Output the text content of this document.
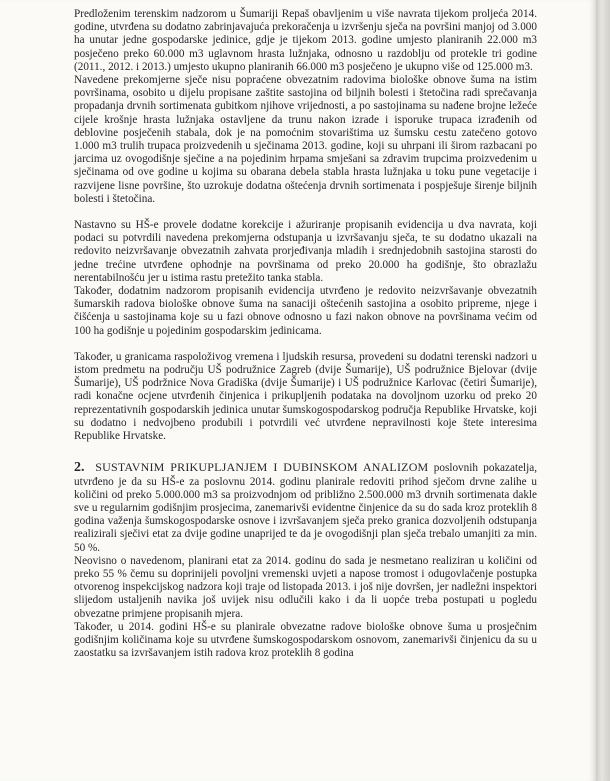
Predloženim terenskim nadzorom u Šumariji Repaš obavljenim u više navrata tijekom proljeća 2014. godine, utvrđena su dodatno zabrinjavajuća prekoračenja u izvršenju sječa na površini manjoj od 3.000 ha unutar jedne gospodarske jedinice, gdje je tijekom 2013. godine umjesto planiranih 22.000 m3 posječeno preko 60.000 m3 uglavnom hrasta lužnjaka, odnosno u razdoblju od protekle tri godine (2011., 2012. i 2013.) umjesto ukupno planiranih 66.000 m3 posječeno je ukupno više od 125.000 m3.

Navedene prekomjerne sječe nisu popraćene obvezatnim radovima biološke obnove šuma na istim površinama, osobito u dijelu propisane zaštite sastojina od biljnih bolesti i štetočina radi sprečavanja propadanja drvnih sortimenata gubitkom njihove vrijednosti, a po sastojinama su nađene brojne ležeće cijele krošnje hrasta lužnjaka ostavljene da trunu nakon izrade i isporuke trupaca izrađenih od deblovine posječenih stabala, dok je na pomoćnim stovarištima uz šumsku cestu zatečeno gotovo 1.000 m3 trulih trupaca proizvedenih u sječinama 2013. godine, koji su uhrpani ili širom razbacani po jarcima uz ovogodišnje sječine a na pojedinim hrpama smješani sa zdravim trupcima proizvedenim u sječinama od ove godine u kojima su obarana debela stabla hrasta lužnjaka u toku pune vegetacije i razvijene lisne površine, što uzrokuje dodatna oštećenja drvnih sortimenata i pospješuje širenje biljnih bolesti i štetočina.

Nastavno su HŠ-e provele dodatne korekcije i ažuriranje propisanih evidencija u dva navrata, koji podaci su potvrdili navedena prekomjerna odstupanja u izvršavanju sječa, te su dodatno ukazali na redovito neizvršavanje obvezatnih zahvata prorjeđivanja mladih i srednjedobnih sastojina starosti do jedne trećine utvrđene ophodnje na površinama od preko 20.000 ha godišnje, što obrazlažu nerentabilnošću jer u istima rastu pretežito tanka stabla.

Također, dodatnim nadzorom propisanih evidencija utvrđeno je redovito neizvršavanje obvezatnih šumarskih radova biološke obnove šuma na sanaciji oštećenih sastojina a osobito pripreme, njege i čišćenja u sastojinama koje su u fazi obnove odnosno u fazi nakon obnove na površinama većim od 100 ha godišnje u pojedinim gospodarskim jedinicama.

Također, u granicama raspoloživog vremena i ljudskih resursa, provedeni su dodatni terenski nadzori u istom predmetu na području UŠ podružnice Zagreb (dvije Šumarije), UŠ podružnice Bjelovar (dvije Šumarije), UŠ podržnice Nova Gradiška (dvije Šumarije) i UŠ podružnice Karlovac (četiri Šumarije), radi konačne ocjene utvrđenih činjenica i prikupljenih podataka na dovoljnom uzorku od preko 20 reprezentativnih gospodarskih jedinica unutar šumskogospodarskog područja Republike Hrvatske, koji su dodatno i nedvojbeno produbili i potvrdili već utvrđene nepravilnosti koje štete interesima Republike Hrvatske.

2. SUSTAVNIM PRIKUPLJANJEM I DUBINSKOM ANALIZOM poslovnih pokazatelja, utvrđeno je da su HŠ-e za poslovnu 2014. godinu planirale redoviti prihod sječom drvne zalihe u količini od preko 5.000.000 m3 sa proizvodnjom od približno 2.500.000 m3 drvnih sortimenata dakle sve u regularnim godišnjim prosjecima, zanemarivši evidentne činjenice da su do sada kroz proteklih 8 godina važenja šumskogospodarske osnove i izvršavanjem sječa preko granica dozvoljenih odstupanja realizirali sječivi etat za dvije godine unaprijed te da je ovogodišnji plan sječa trebalo umanjiti za min. 50 %.

Neovisno o navedenom, planirani etat za 2014. godinu do sada je nesmetano realiziran u količini od preko 55 % čemu su doprinijeli povoljni vremenski uvjeti a napose tromost i odugovlačenje postupka otvorenog inspekcijskog nadzora koji traje od listopada 2013. i još nije dovršen, jer nadležni inspektori slijedom ustaljenih navika još uvijek nisu odlučili kako i da li uopće treba postupati u pogledu obvezatne primjene propisanih mjera.

Također, u 2014. godini HŠ-e su planirale obvezatne radove biološke obnove šuma u prosječnim godišnjim količinama koje su utvrđene šumskogospodarskom osnovom, zanemarivši činjenicu da su u zaostatku sa izvršavanjem istih radova kroz proteklih 8 godina
